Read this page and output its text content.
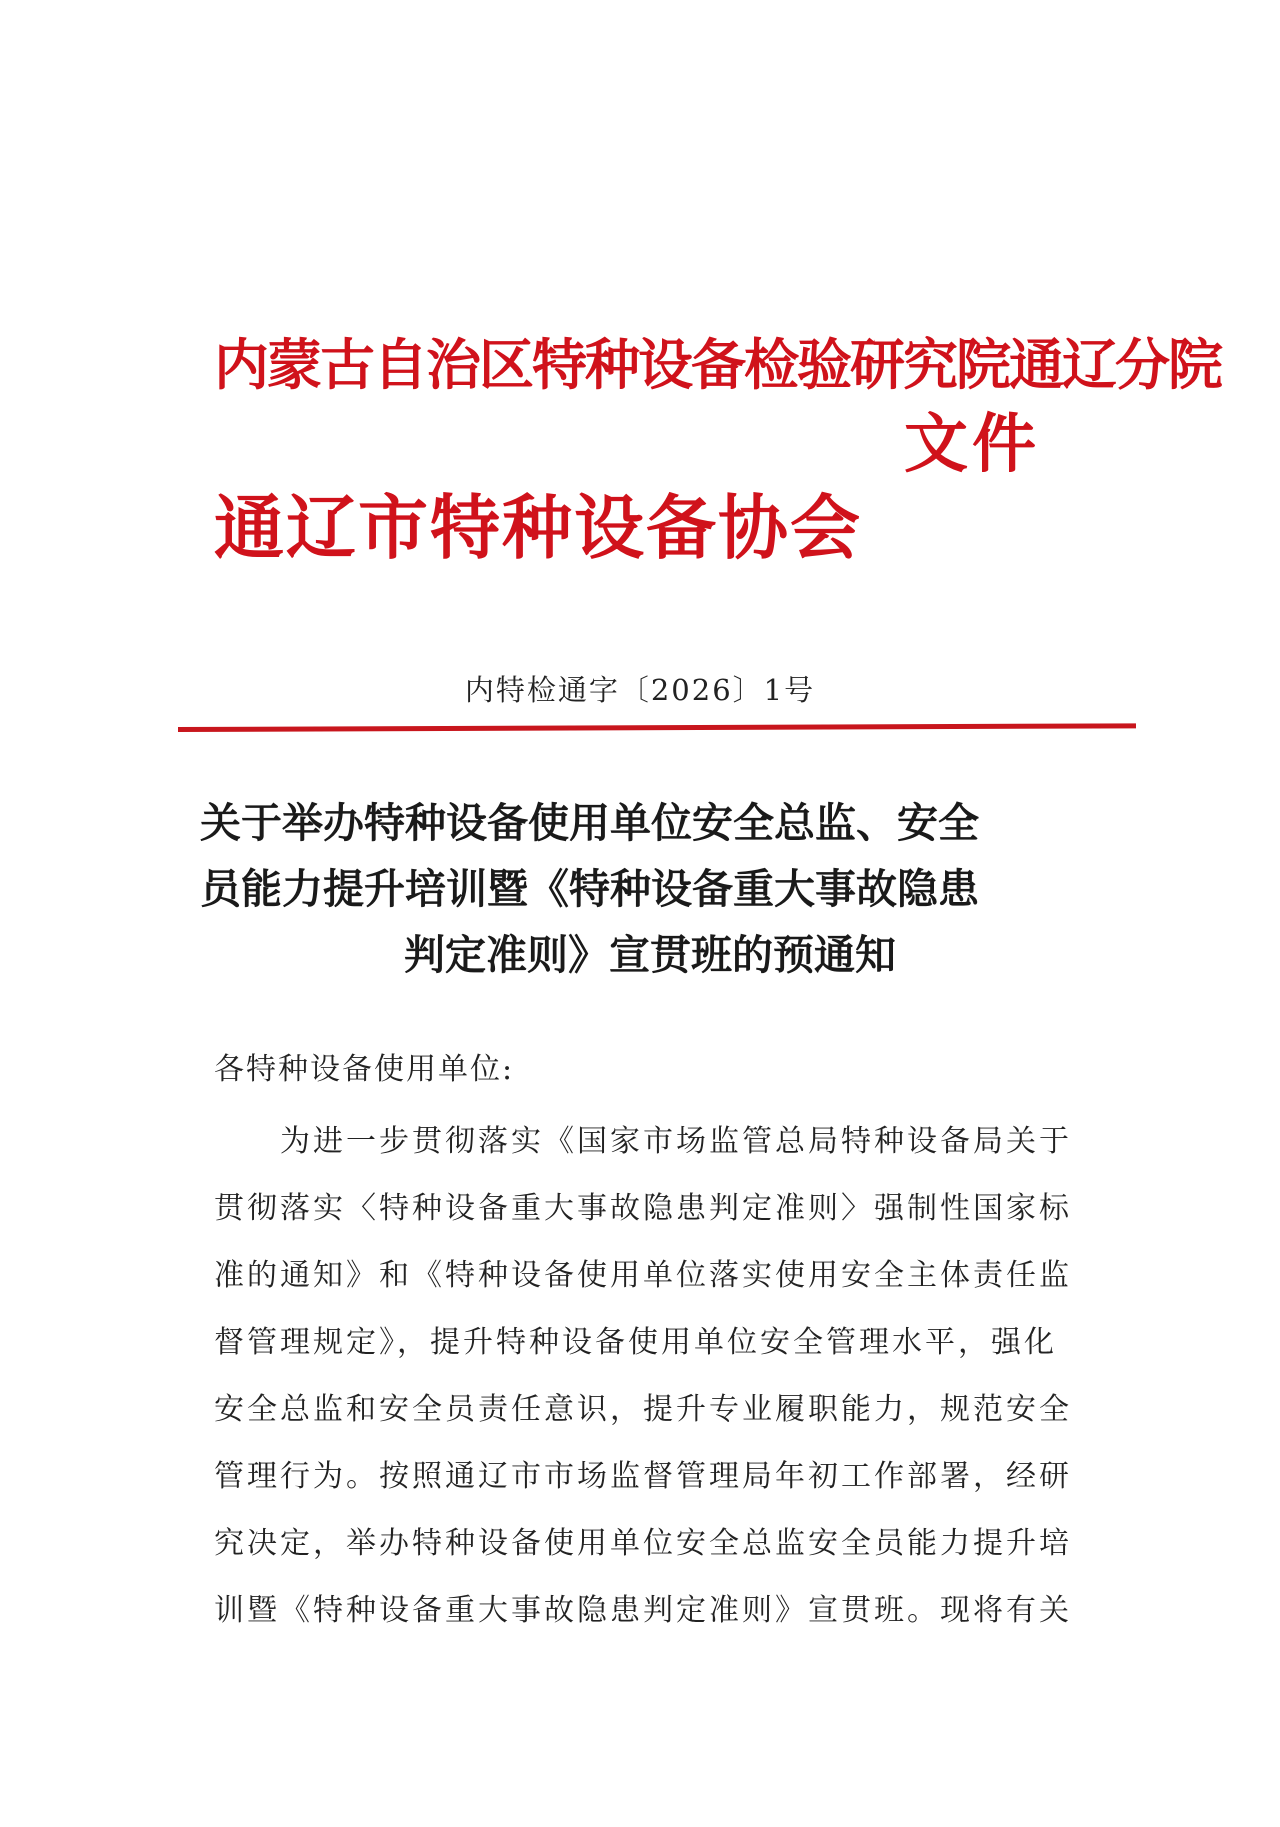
内蒙古自治区特种设备检验研究院通辽分院
文件
通辽市特种设备协会
内特检通字〔2026〕1号
关于举办特种设备使用单位安全总监、安全
员能力提升培训暨《特种设备重大事故隐患
判定准则》宣贯班的预通知
各特种设备使用单位:
　　为进一步贯彻落实《国家市场监管总局特种设备局关于
贯彻落实〈特种设备重大事故隐患判定准则〉强制性国家标
准的通知》和《特种设备使用单位落实使用安全主体责任监
督管理规定》，提升特种设备使用单位安全管理水平，强化
安全总监和安全员责任意识，提升专业履职能力，规范安全
管理行为。按照通辽市市场监督管理局年初工作部署，经研
究决定，举办特种设备使用单位安全总监安全员能力提升培
训暨《特种设备重大事故隐患判定准则》宣贯班。现将有关
